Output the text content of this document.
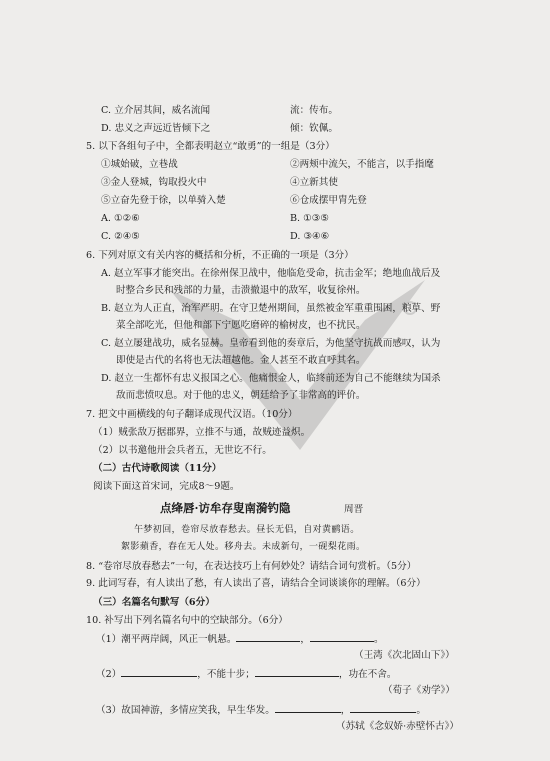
C. 立介居其间，威名流闻	流：传布。
D. 忠义之声远近皆倾下之	倾：钦佩。
5. 以下各组句子中，全都表明赵立“敢勇”的一组是（3分）
①城始破，立巷战	②两颊中流矢，不能言，以手指麾
③金人登城，钩取投火中	④立新其使
⑤立奋先登于徐，以单骑入楚	⑥仓成摆甲胄先登
A. ①②⑥	B. ①③⑤
C. ②④⑤	D. ③④⑥
6. 下列对原文有关内容的概括和分析，不正确的一项是（3分）
A. 赵立军事才能突出。在徐州保卫战中，他临危受命，抗击金军；绝地血战后及
时整合乡民和残部的力量，击溃撤退中的敌军，收复徐州。
B. 赵立为人正直，治军严明。在守卫楚州期间，虽然被金军重重围困，粮草、野
菜全部吃光，但他和部下宁愿吃磨碎的榆树皮，也不扰民。
C. 赵立屡建战功，威名显赫。皇帝看到他的奏章后，为他坚守抗战而感叹，认为
即使是古代的名将也无法超越他。金人甚至不敢直呼其名。
D. 赵立一生都怀有忠义报国之心。他痛恨金人，临终前还为自己不能继续为国杀
敌而悲愤叹息。对于他的忠义，朝廷给予了非常高的评价。
7. 把文中画横线的句子翻译成现代汉语。（10分）
（1）贼张敌万据郡界，立推不与通，故贼迹益炽。
（2）以书邀他卅会兵者五，无世讫不行。
（二）古代诗歌阅读（11分）
阅读下面这首宋词，完成8～9题。
点绛唇·访牟存叟南漪钓隐	周晋
午梦初回，卷帘尽放春愁去。昼长无侣，自对黄鹂语。
絮影蘋香，春在无人处。移舟去。未成新句，一砚梨花雨。
8. “卷帘尽放春愁去”一句，在表达技巧上有何妙处？请结合词句赏析。（5分）
9. 此词写春，有人读出了愁，有人读出了喜，请结合全词谈谈你的理解。（6分）
（三）名篇名句默写（6分）
10. 补写出下列名篇名句中的空缺部分。（6分）
（1）潮平两岸阔，风正一帆悬。	，	。
（王湾《次北固山下》）
（2）	，不能十步；	，功在不舍。
（荀子《劝学》）
（3）故国神游，多情应笑我，早生华发。	，	。
（苏轼《念奴娇·赤壁怀古》）
